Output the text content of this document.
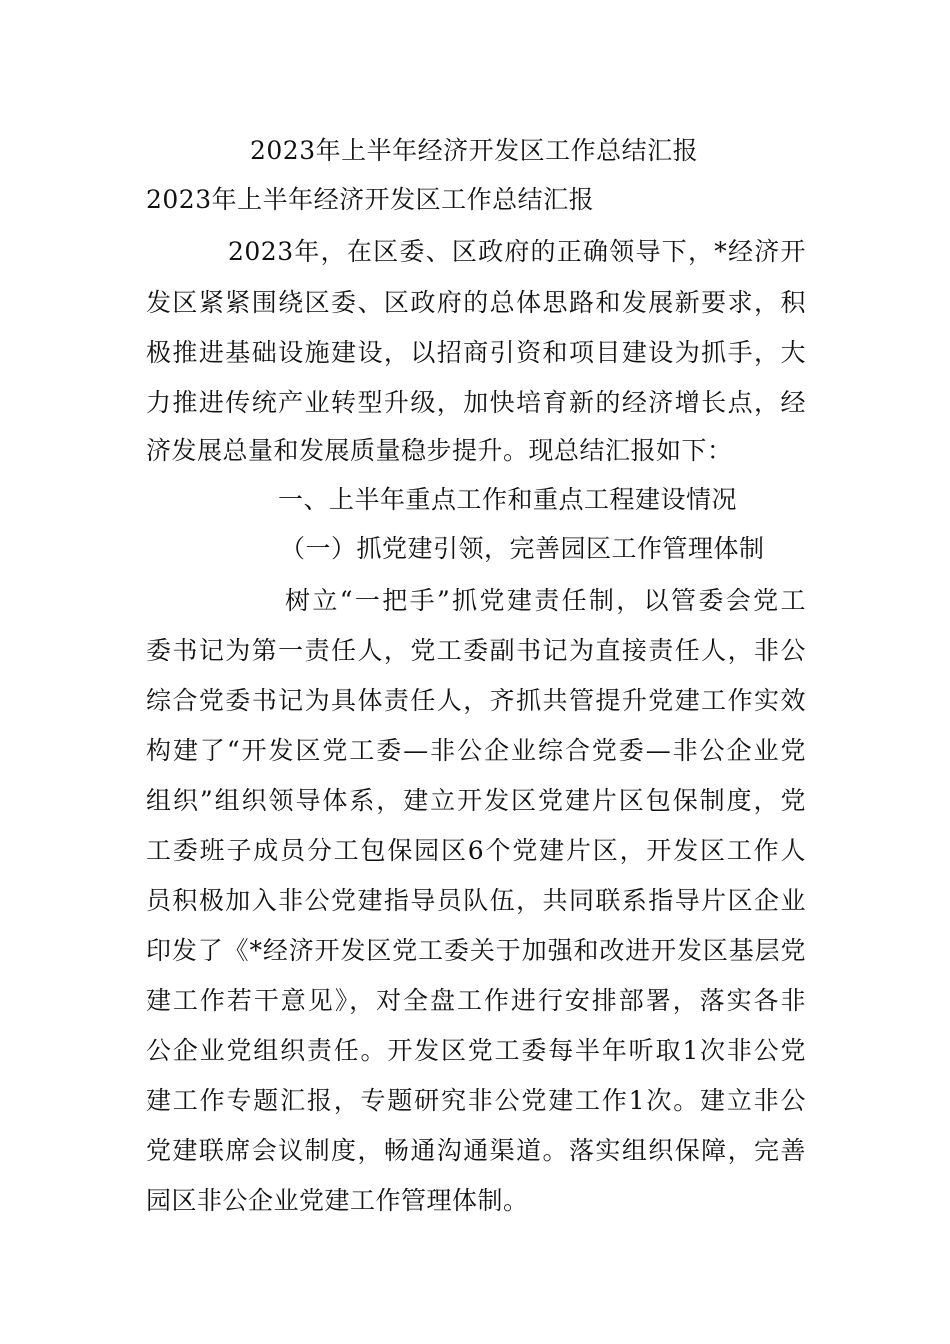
2023年上半年经济开发区工作总结汇报
2023年上半年经济开发区工作总结汇报
2023年，在区委、区政府的正确领导下，*经济开
发区紧紧围绕区委、区政府的总体思路和发展新要求，积
极推进基础设施建设，以招商引资和项目建设为抓手，大
力推进传统产业转型升级，加快培育新的经济增长点，经
济发展总量和发展质量稳步提升。现总结汇报如下：
一、上半年重点工作和重点工程建设情况
（一）抓党建引领，完善园区工作管理体制
树立“一把手”抓党建责任制，以管委会党工
委书记为第一责任人，党工委副书记为直接责任人，非公
综合党委书记为具体责任人，齐抓共管提升党建工作实效
构建了“开发区党工委—非公企业综合党委—非公企业党
组织”组织领导体系，建立开发区党建片区包保制度，党
工委班子成员分工包保园区6个党建片区，开发区工作人
员积极加入非公党建指导员队伍，共同联系指导片区企业
印发了《*经济开发区党工委关于加强和改进开发区基层党
建工作若干意见》，对全盘工作进行安排部署，落实各非
公企业党组织责任。开发区党工委每半年听取1次非公党
建工作专题汇报，专题研究非公党建工作1次。建立非公
党建联席会议制度，畅通沟通渠道。落实组织保障，完善
园区非公企业党建工作管理体制。
